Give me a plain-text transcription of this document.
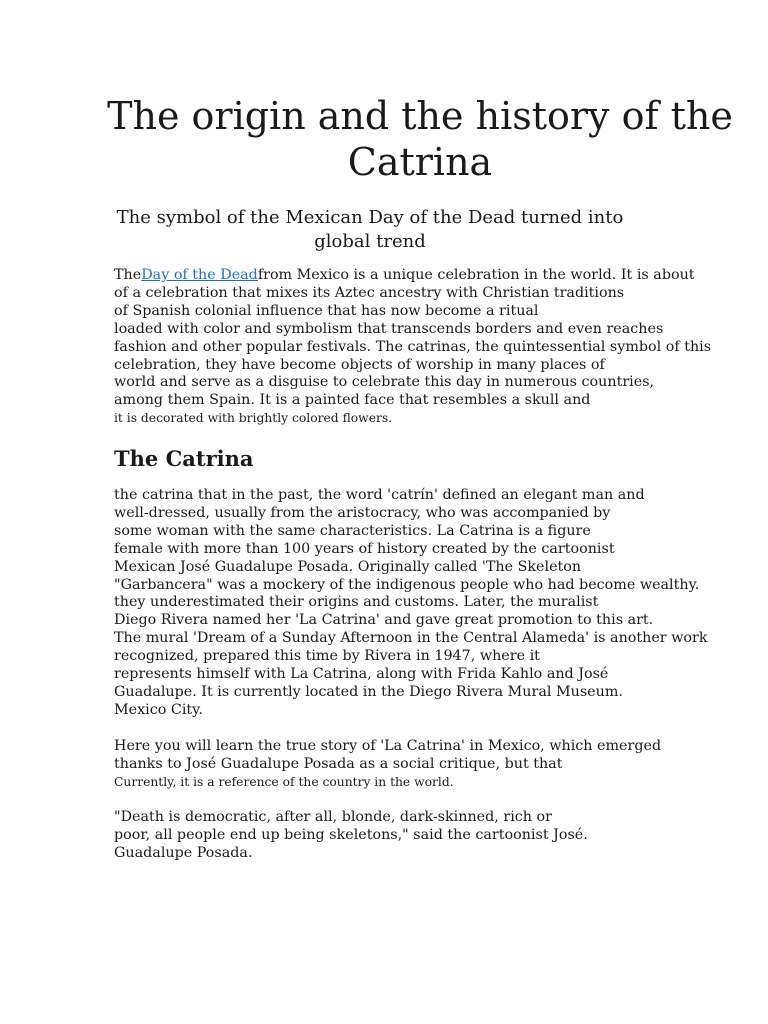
The origin and the history of the
Catrina
The symbol of the Mexican Day of the Dead turned into
global trend
TheDay of the Deadfrom Mexico is a unique celebration in the world. It is about
of a celebration that mixes its Aztec ancestry with Christian traditions
of Spanish colonial influence that has now become a ritual
loaded with color and symbolism that transcends borders and even reaches
fashion and other popular festivals. The catrinas, the quintessential symbol of this
celebration, they have become objects of worship in many places of
world and serve as a disguise to celebrate this day in numerous countries,
among them Spain. It is a painted face that resembles a skull and
it is decorated with brightly colored flowers.
The Catrina
the catrina that in the past, the word 'catrín' defined an elegant man and
well-dressed, usually from the aristocracy, who was accompanied by
some woman with the same characteristics. La Catrina is a figure
female with more than 100 years of history created by the cartoonist
Mexican José Guadalupe Posada. Originally called 'The Skeleton
"Garbancera" was a mockery of the indigenous people who had become wealthy.
they underestimated their origins and customs. Later, the muralist
Diego Rivera named her 'La Catrina' and gave great promotion to this art.
The mural 'Dream of a Sunday Afternoon in the Central Alameda' is another work
recognized, prepared this time by Rivera in 1947, where it
represents himself with La Catrina, along with Frida Kahlo and José
Guadalupe. It is currently located in the Diego Rivera Mural Museum.
Mexico City.
Here you will learn the true story of 'La Catrina' in Mexico, which emerged
thanks to José Guadalupe Posada as a social critique, but that
Currently, it is a reference of the country in the world.
"Death is democratic, after all, blonde, dark-skinned, rich or
poor, all people end up being skeletons," said the cartoonist José.
Guadalupe Posada.
